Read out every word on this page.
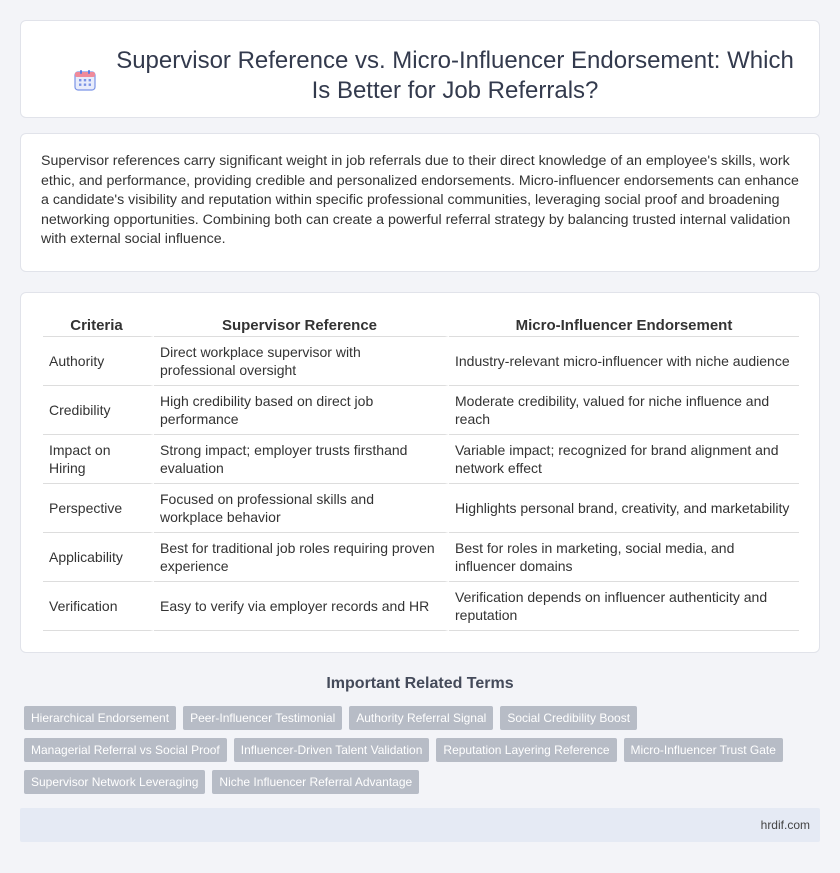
Supervisor Reference vs. Micro-Influencer Endorsement: Which Is Better for Job Referrals?

Supervisor references carry significant weight in job referrals due to their direct knowledge of an employee's skills, work ethic, and performance, providing credible and personalized endorsements. Micro-influencer endorsements can enhance a candidate's visibility and reputation within specific professional communities, leveraging social proof and broadening networking opportunities. Combining both can create a powerful referral strategy by balancing trusted internal validation with external social influence.

Criteria	Supervisor Reference	Micro-Influencer Endorsement
Authority	Direct workplace supervisor with professional oversight	Industry-relevant micro-influencer with niche audience
Credibility	High credibility based on direct job performance	Moderate credibility, valued for niche influence and reach
Impact on Hiring	Strong impact; employer trusts firsthand evaluation	Variable impact; recognized for brand alignment and network effect
Perspective	Focused on professional skills and workplace behavior	Highlights personal brand, creativity, and marketability
Applicability	Best for traditional job roles requiring proven experience	Best for roles in marketing, social media, and influencer domains
Verification	Easy to verify via employer records and HR	Verification depends on influencer authenticity and reputation
Important Related Terms
Hierarchical Endorsement	Peer-Influencer Testimonial	Authority Referral Signal	Social Credibility Boost
Managerial Referral vs Social Proof	Influencer-Driven Talent Validation	Reputation Layering Reference	Micro-Influencer Trust Gate
Supervisor Network Leveraging	Niche Influencer Referral Advantage
hrdif.com
